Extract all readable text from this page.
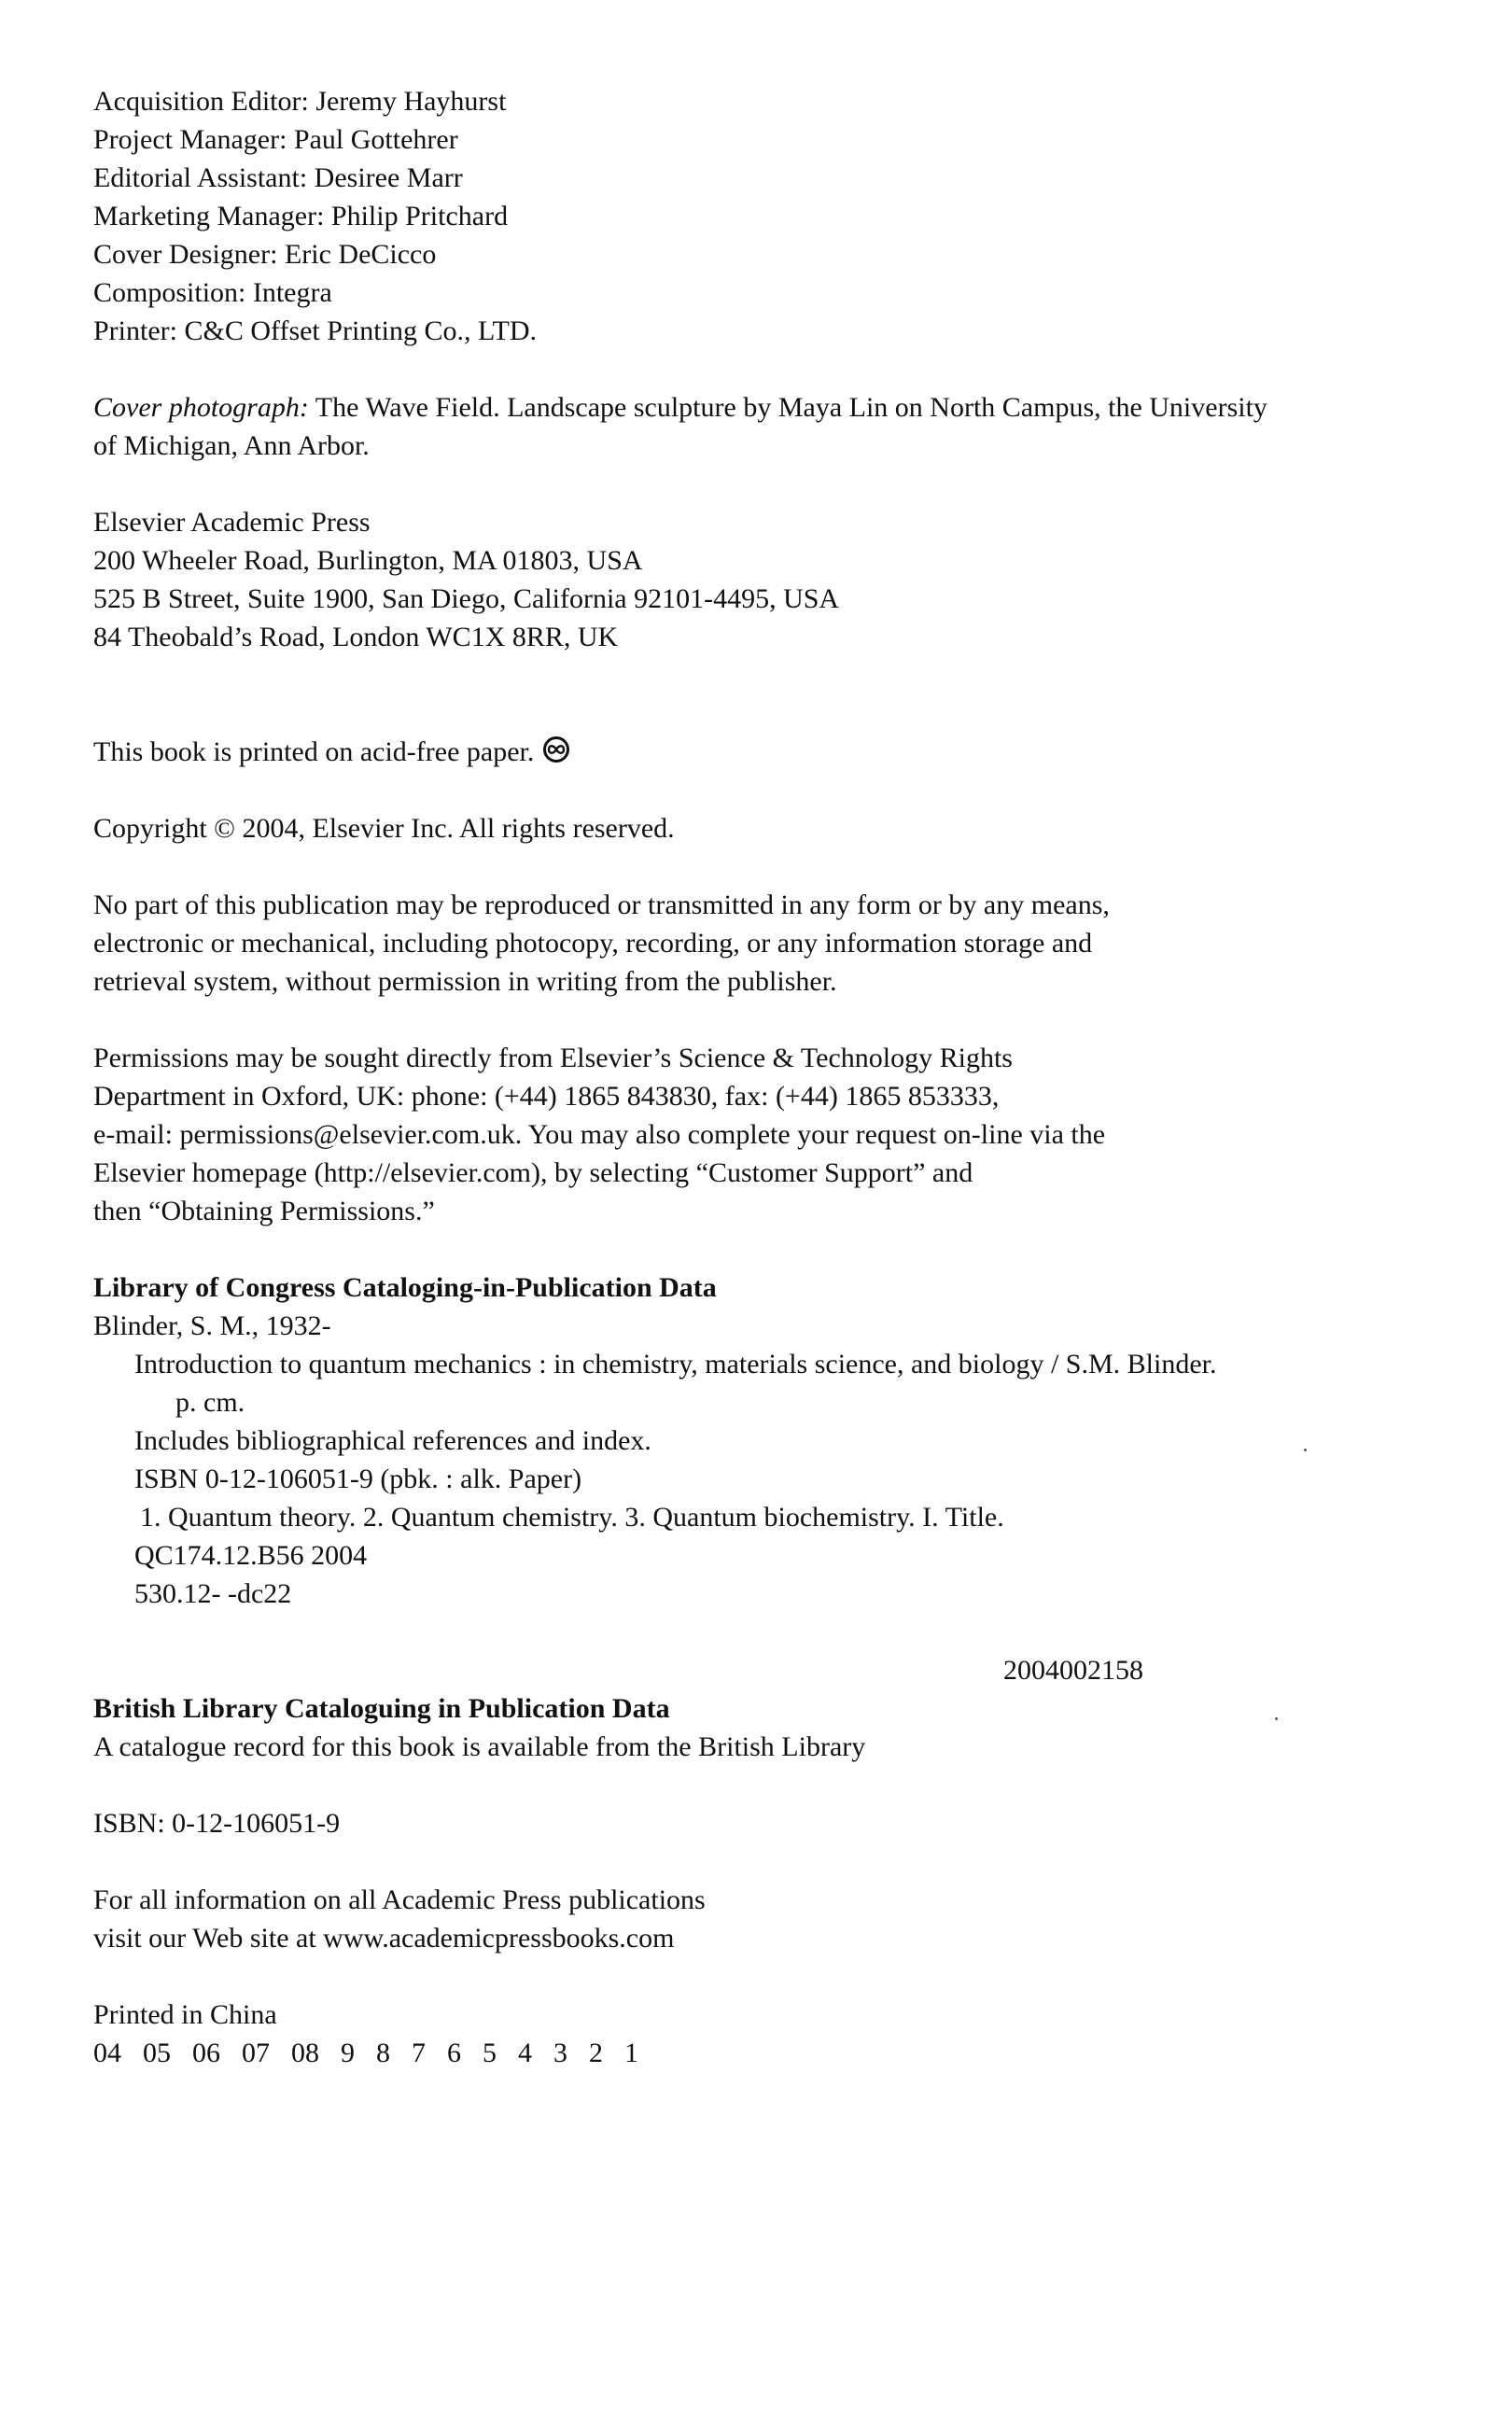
Acquisition Editor: Jeremy Hayhurst
Project Manager: Paul Gottehrer
Editorial Assistant: Desiree Marr
Marketing Manager: Philip Pritchard
Cover Designer: Eric DeCicco
Composition: Integra
Printer: C&C Offset Printing Co., LTD.
Cover photograph: The Wave Field. Landscape sculpture by Maya Lin on North Campus, the University
of Michigan, Ann Arbor.
Elsevier Academic Press
200 Wheeler Road, Burlington, MA 01803, USA
525 B Street, Suite 1900, San Diego, California 92101-4495, USA
84 Theobald’s Road, London WC1X 8RR, UK
This book is printed on acid-free paper.
Copyright © 2004, Elsevier Inc. All rights reserved.
No part of this publication may be reproduced or transmitted in any form or by any means,
electronic or mechanical, including photocopy, recording, or any information storage and
retrieval system, without permission in writing from the publisher.
Permissions may be sought directly from Elsevier’s Science & Technology Rights
Department in Oxford, UK: phone: (+44) 1865 843830, fax: (+44) 1865 853333,
e-mail: permissions@elsevier.com.uk. You may also complete your request on-line via the
Elsevier homepage (http://elsevier.com), by selecting “Customer Support” and
then “Obtaining Permissions.”
Library of Congress Cataloging-in-Publication Data
Blinder, S. M., 1932-
Introduction to quantum mechanics : in chemistry, materials science, and biology / S.M. Blinder.
p. cm.
Includes bibliographical references and index.
ISBN 0-12-106051-9 (pbk. : alk. Paper)
1. Quantum theory. 2. Quantum chemistry. 3. Quantum biochemistry. I. Title.
QC174.12.B56 2004
530.12- -dc22
2004002158
British Library Cataloguing in Publication Data
A catalogue record for this book is available from the British Library
ISBN: 0-12-106051-9
For all information on all Academic Press publications
visit our Web site at www.academicpressbooks.com
Printed in China
04 05 06 07 08 9 8 7 6 5 4 3 2 1
